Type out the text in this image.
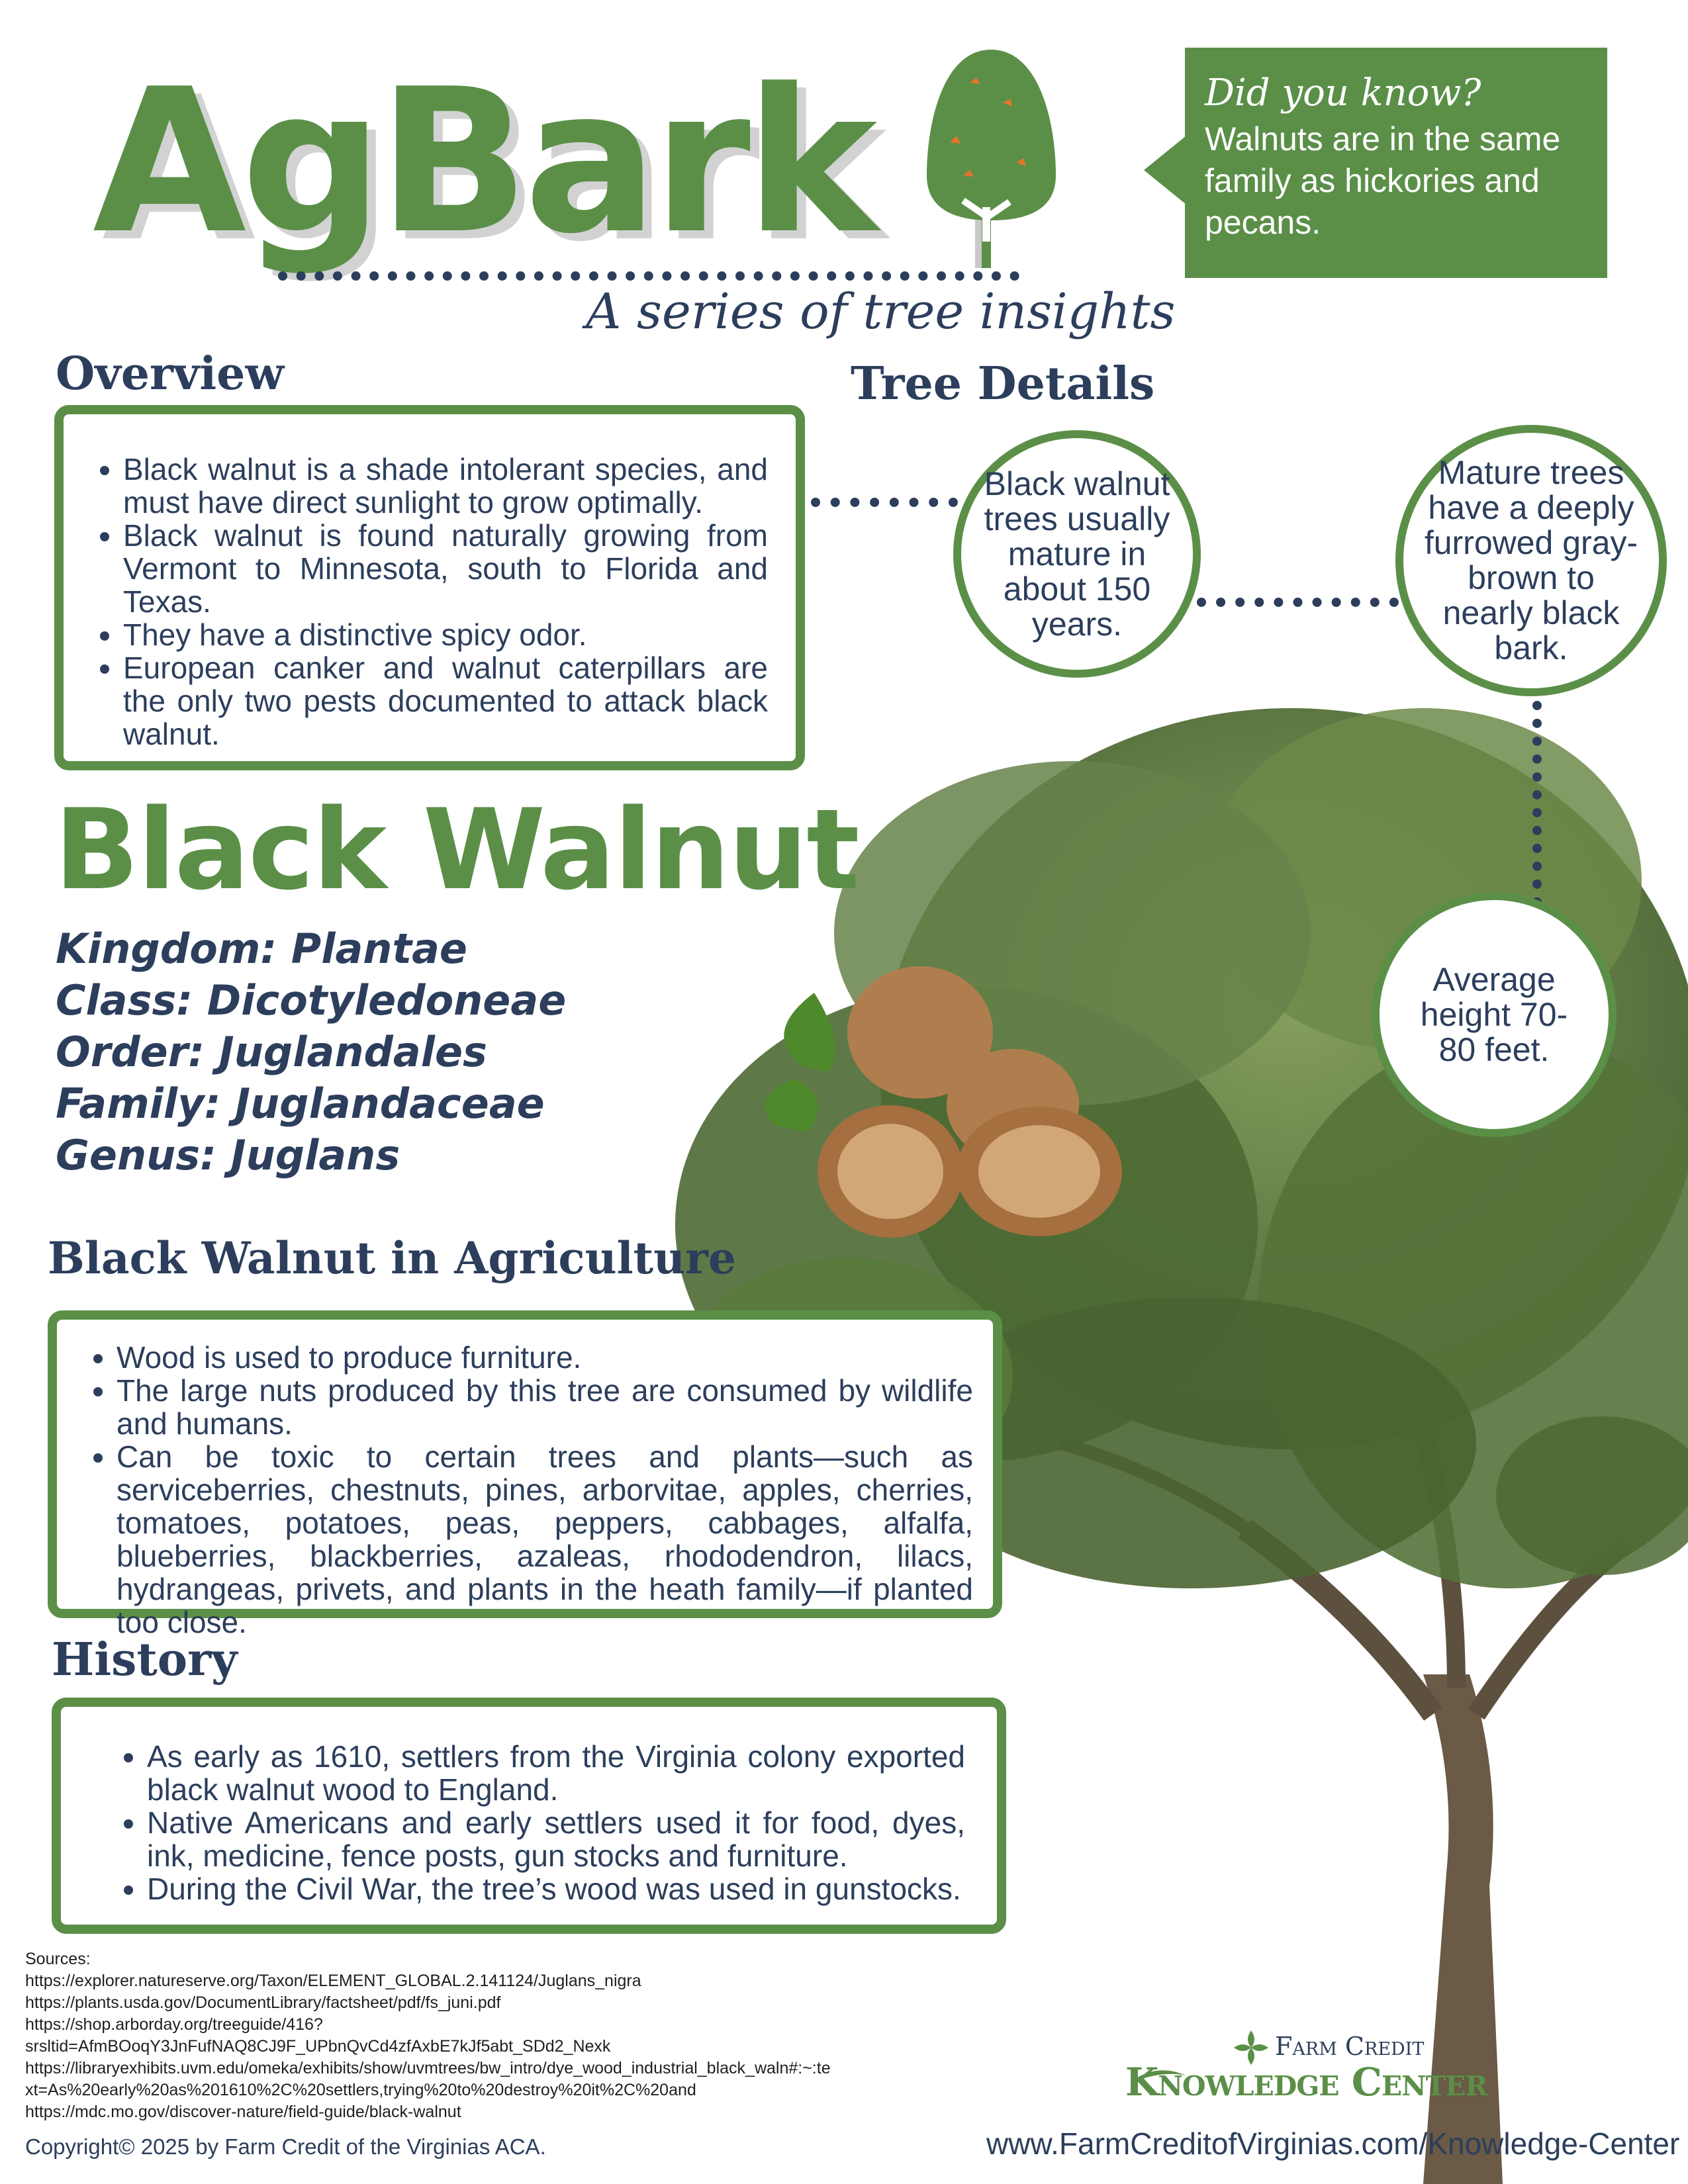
AgBark
A series of tree insights
Did you know?
Walnuts are in the same family as hickories and pecans.
Overview
• Black walnut is a shade intolerant species, and must have direct sunlight to grow optimally.
• Black walnut is found naturally growing from Vermont to Minnesota, south to Florida and Texas.
• They have a distinctive spicy odor.
• European canker and walnut caterpillars are the only two pests documented to attack black walnut.
Tree Details
Black walnut trees usually mature in about 150 years.
Mature trees have a deeply furrowed gray-brown to nearly black bark.
Average height 70-80 feet.
Black Walnut
Kingdom: Plantae
Class: Dicotyledoneae
Order: Juglandales
Family: Juglandaceae
Genus: Juglans
Black Walnut in Agriculture
• Wood is used to produce furniture.
• The large nuts produced by this tree are consumed by wildlife and humans.
• Can be toxic to certain trees and plants—such as serviceberries, chestnuts, pines, arborvitae, apples, cherries, tomatoes, potatoes, peas, peppers, cabbages, alfalfa, blueberries, blackberries, azaleas, rhododendron, lilacs, hydrangeas, privets, and plants in the heath family—if planted too close.
History
• As early as 1610, settlers from the Virginia colony exported black walnut wood to England.
• Native Americans and early settlers used it for food, dyes, ink, medicine, fence posts, gun stocks and furniture.
• During the Civil War, the tree’s wood was used in gunstocks.
Sources:
https://explorer.natureserve.org/Taxon/ELEMENT_GLOBAL.2.141124/Juglans_nigra
https://plants.usda.gov/DocumentLibrary/factsheet/pdf/fs_juni.pdf
https://shop.arborday.org/treeguide/416?
srsltid=AfmBOoqY3JnFufNAQ8CJ9F_UPbnQvCd4zfAxbE7kJf5abt_SDd2_Nexk
https://libraryexhibits.uvm.edu/omeka/exhibits/show/uvmtrees/bw_intro/dye_wood_industrial_black_waln#:~:te
xt=As%20early%20as%201610%2C%20settlers,trying%20to%20destroy%20it%2C%20and
https://mdc.mo.gov/discover-nature/field-guide/black-walnut
Copyright© 2025 by Farm Credit of the Virginias ACA.
Farm Credit
Knowledge Center
www.FarmCreditofVirginias.com/Knowledge-Center
